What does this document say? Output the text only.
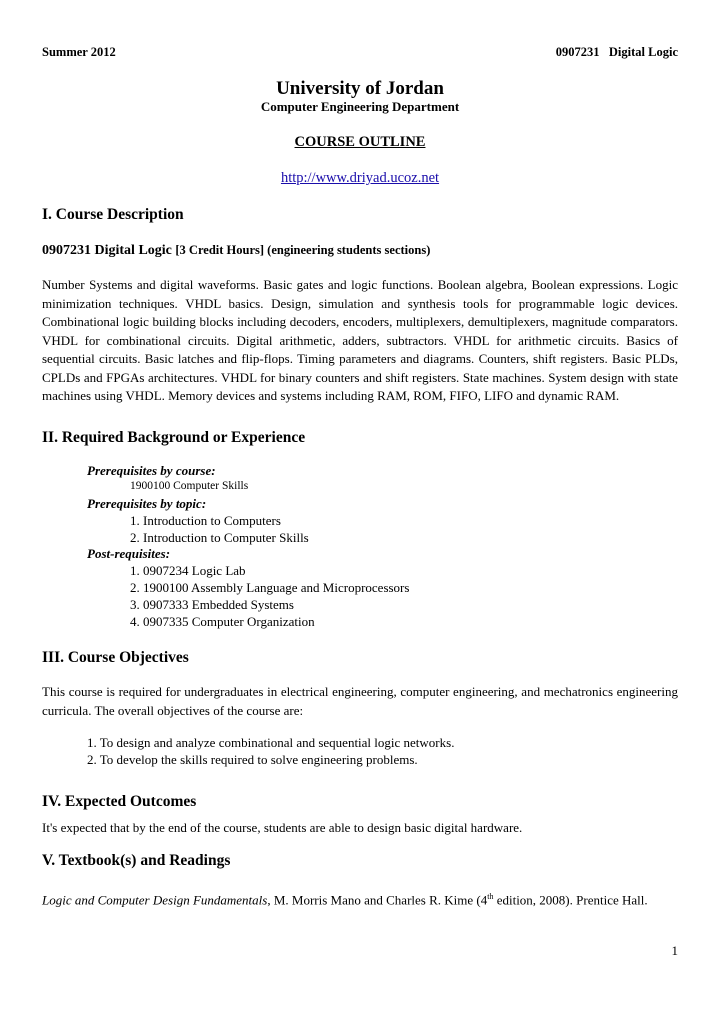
Summer 2012	0907231   Digital Logic
University of Jordan
Computer Engineering Department
COURSE OUTLINE
http://www.driyad.ucoz.net
I. Course Description
0907231 Digital Logic [3 Credit Hours] (engineering students sections)

Number Systems and digital waveforms. Basic gates and logic functions. Boolean algebra, Boolean expressions. Logic minimization techniques. VHDL basics. Design, simulation and synthesis tools for programmable logic devices. Combinational logic building blocks including decoders, encoders, multiplexers, demultiplexers, magnitude comparators. VHDL for combinational circuits. Digital arithmetic, adders, subtractors. VHDL for arithmetic circuits. Basics of sequential circuits. Basic latches and flip-flops. Timing parameters and diagrams. Counters, shift registers. Basic PLDs, CPLDs and FPGAs architectures. VHDL for binary counters and shift registers. State machines. System design with state machines using VHDL. Memory devices and systems including RAM, ROM, FIFO, LIFO and dynamic RAM.

II. Required Background or Experience
Prerequisites by course:
1900100 Computer Skills
Prerequisites by topic:
1. Introduction to Computers
2. Introduction to Computer Skills
Post-requisites:
1. 0907234 Logic Lab
2. 1900100 Assembly Language and Microprocessors
3. 0907333 Embedded Systems
4. 0907335 Computer Organization
III. Course Objectives

This course is required for undergraduates in electrical engineering, computer engineering, and mechatronics engineering curricula. The overall objectives of the course are:

1. To design and analyze combinational and sequential logic networks.
2. To develop the skills required to solve engineering problems.
IV. Expected Outcomes
It's expected that by the end of the course, students are able to design basic digital hardware.
V. Textbook(s) and Readings

Logic and Computer Design Fundamentals, M. Morris Mano and Charles R. Kime (4th edition, 2008). Prentice Hall.

1
